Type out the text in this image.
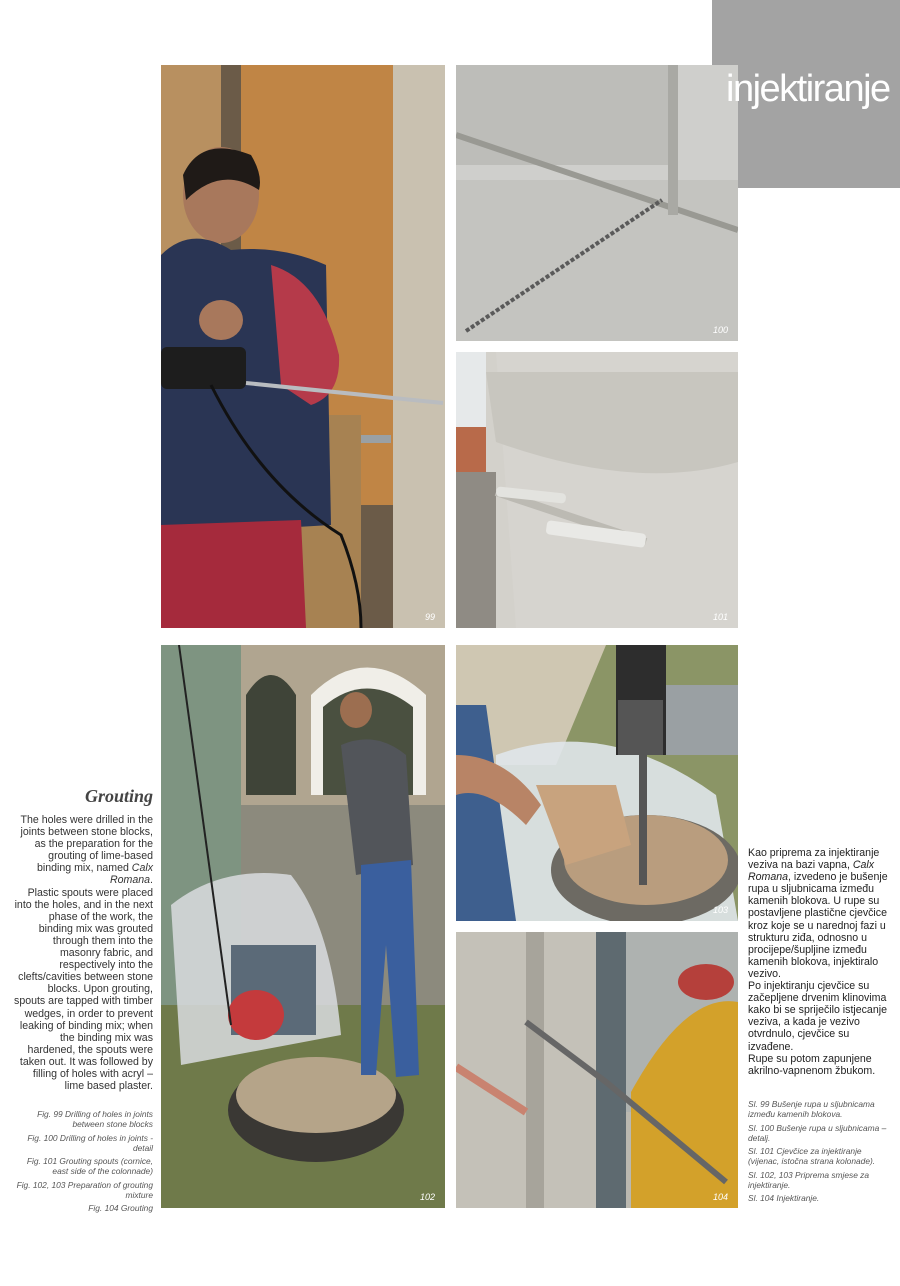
99
100
101
102
103
104
injektiranje
Grouting

The holes were drilled in the joints between stone blocks, as the preparation for the grouting of lime-based binding mix, named Calx Romana.
Plastic spouts were placed into the holes, and in the next phase of the work, the binding mix was grouted through them into the masonry fabric, and respectively into the clefts/cavities between stone blocks. Upon grouting, spouts are tapped with timber wedges, in order to prevent leaking of binding mix; when the binding mix was hardened, the spouts were taken out. It was followed by filling of holes with acryl – lime based plaster.

Kao priprema za injektiranje veziva na bazi vapna, Calx Romana, izvedeno je bušenje rupa u sljubnicama između kamenih blokova. U rupe su postavljene plastične cjevčice kroz koje se u narednoj fazi u strukturu ziđa, odnosno u procijepe/šupljine između kamenih blokova, injektiralo vezivo.
Po injektiranju cjevčice su začepljene drvenim klinovima kako bi se spriječilo istjecanje veziva, a kada je vezivo otvrdnulo, cjevčice su izvađene.
Rupe su potom zapunjene akrilno-vapnenom žbukom.

Fig. 99 Drilling of holes in joints between stone blocks
Fig. 100 Drilling of holes in joints - detail
Fig. 101 Grouting spouts (cornice, east side of the colonnade)
Fig. 102, 103 Preparation of grouting mixture
Fig. 104 Grouting
Sl. 99 Bušenje rupa u sljubnicama između kamenih blokova.
Sl. 100 Bušenje rupa u sljubnicama – detalj.
Sl. 101 Cjevčice za injektiranje (vijenac, istočna strana kolonade).
Sl. 102, 103 Priprema smjese za injektiranje.
Sl. 104 Injektiranje.
